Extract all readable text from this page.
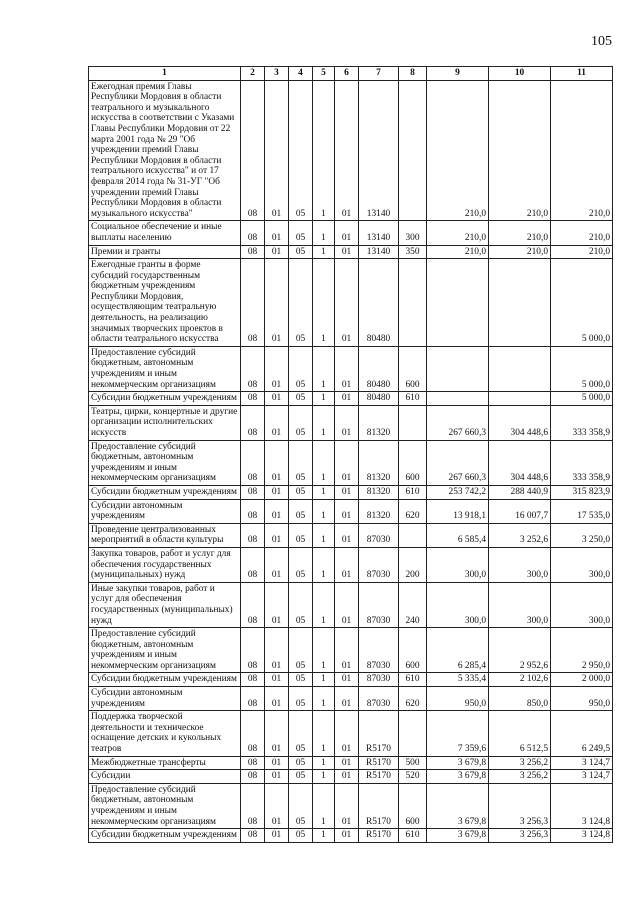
105
1	2	3	4	5	6	7	8	9	10	11
Ежегодная премия Главы Республики Мордовия в области театрального и музыкального искусства в соответствии с Указами Главы Республики Мордовия от 22 марта 2001 года № 29 "Об учреждении премий Главы Республики Мордовия в области театрального искусства" и от 17 февраля 2014 года № 31-УГ "Об учреждении премий Главы Республики Мордовия в области музыкального искусства"	08	01	05	1	01	13140		210,0	210,0	210,0
Социальное обеспечение и иные выплаты населению	08	01	05	1	01	13140	300	210,0	210,0	210,0
Премии и гранты	08	01	05	1	01	13140	350	210,0	210,0	210,0
Ежегодные гранты в форме субсидий государственным бюджетным учреждениям Республики Мордовия, осуществляющим театральную деятельность, на реализацию значимых творческих проектов в области театрального искусства	08	01	05	1	01	80480				5 000,0
Предоставление субсидий бюджетным, автономным учреждениям и иным некоммерческим организациям	08	01	05	1	01	80480	600			5 000,0
Субсидии бюджетным учреждениям	08	01	05	1	01	80480	610			5 000,0
Театры, цирки, концертные и другие организации исполнительских искусств	08	01	05	1	01	81320		267 660,3	304 448,6	333 358,9
Предоставление субсидий бюджетным, автономным учреждениям и иным некоммерческим организациям	08	01	05	1	01	81320	600	267 660,3	304 448,6	333 358,9
Субсидии бюджетным учреждениям	08	01	05	1	01	81320	610	253 742,2	288 440,9	315 823,9
Субсидии автономным учреждениям	08	01	05	1	01	81320	620	13 918,1	16 007,7	17 535,0
Проведение централизованных мероприятий в области культуры	08	01	05	1	01	87030		6 585,4	3 252,6	3 250,0
Закупка товаров, работ и услуг для обеспечения государственных (муниципальных) нужд	08	01	05	1	01	87030	200	300,0	300,0	300,0
Иные закупки товаров, работ и услуг для обеспечения государственных (муниципальных) нужд	08	01	05	1	01	87030	240	300,0	300,0	300,0
Предоставление субсидий бюджетным, автономным учреждениям и иным некоммерческим организациям	08	01	05	1	01	87030	600	6 285,4	2 952,6	2 950,0
Субсидии бюджетным учреждениям	08	01	05	1	01	87030	610	5 335,4	2 102,6	2 000,0
Субсидии автономным учреждениям	08	01	05	1	01	87030	620	950,0	850,0	950,0
Поддержка творческой деятельности и техническое оснащение детских и кукольных театров	08	01	05	1	01	R5170		7 359,6	6 512,5	6 249,5
Межбюджетные трансферты	08	01	05	1	01	R5170	500	3 679,8	3 256,2	3 124,7
Субсидии	08	01	05	1	01	R5170	520	3 679,8	3 256,2	3 124,7
Предоставление субсидий бюджетным, автономным учреждениям и иным некоммерческим организациям	08	01	05	1	01	R5170	600	3 679,8	3 256,3	3 124,8
Субсидии бюджетным учреждениям	08	01	05	1	01	R5170	610	3 679,8	3 256,3	3 124,8
